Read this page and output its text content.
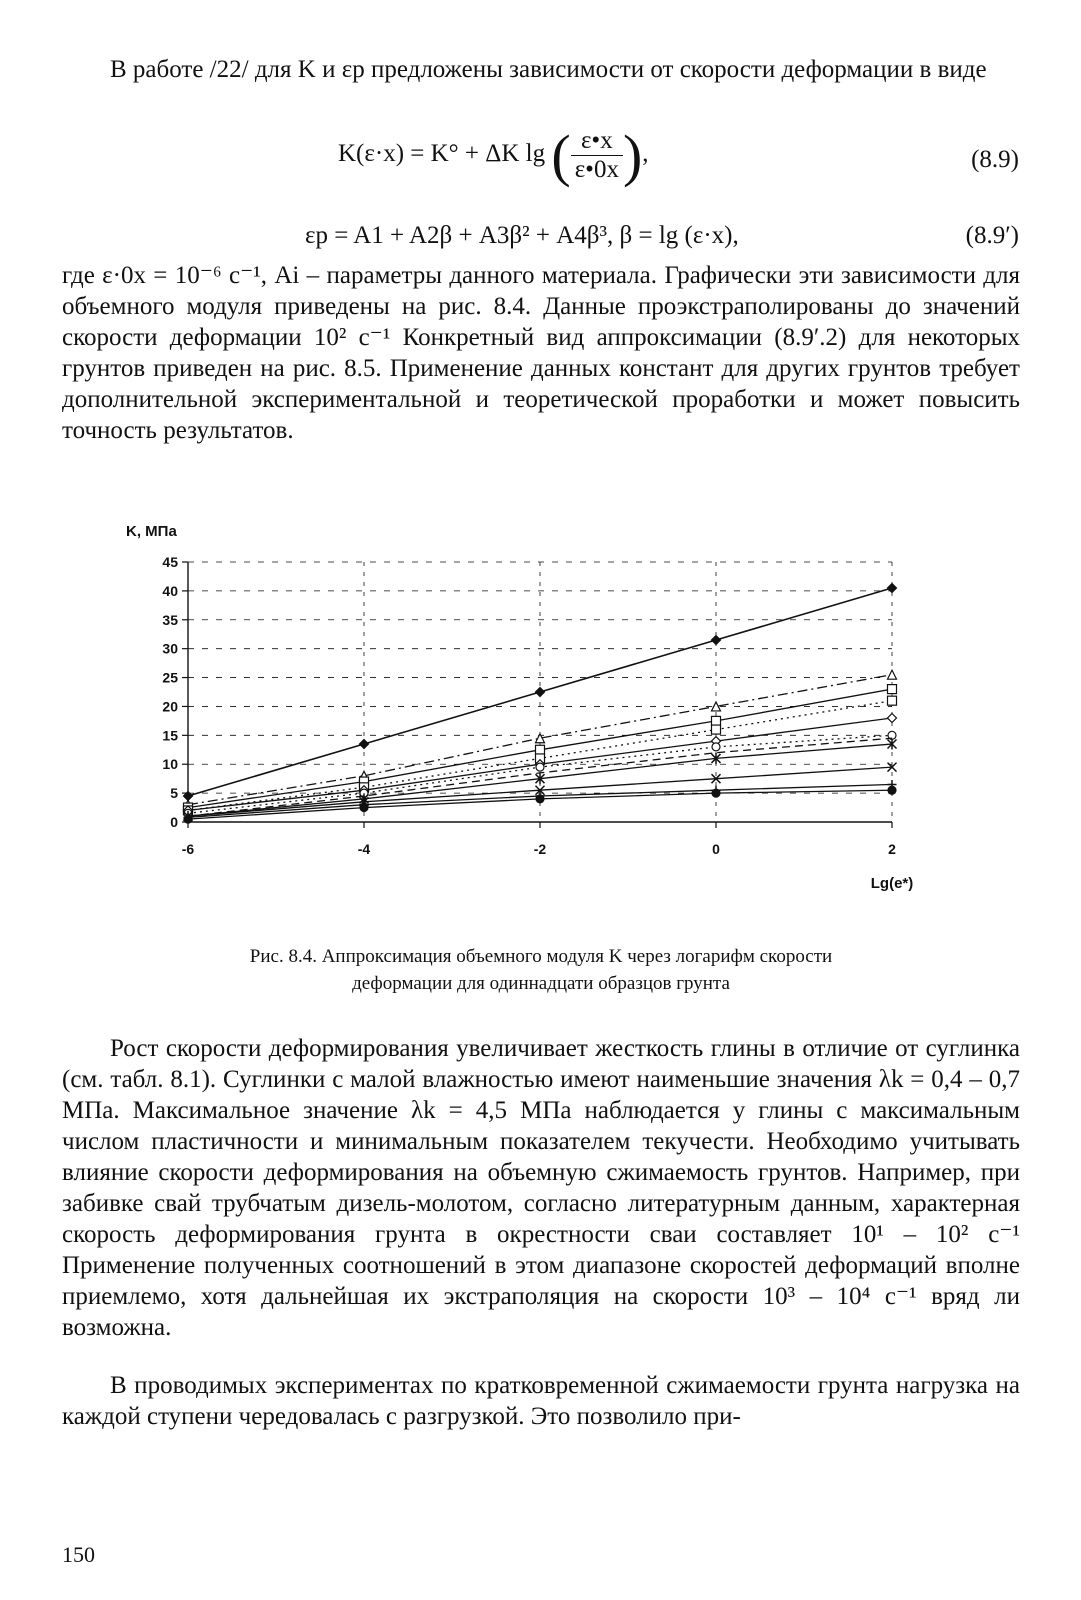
В работе /22/ для K и εp предложены зависимости от скорости деформации в виде
K(ε·x) = K° + ΔK lg ( $\frac{\varepsilon•x}{\varepsilon•0x}$ ),	(8.9)
εp = A1 + A2β + A3β² + A4β³, β = lg (ε·x),	(8.9′)
где ε·0x = 10⁻⁶ с⁻¹, Ai – параметры данного материала. Графически эти зависимости для объемного модуля приведены на рис. 8.4. Данные проэкстраполированы до значений скорости деформации 10² с⁻¹ Конкретный вид аппроксимации (8.9′.2) для некоторых грунтов приведен на рис. 8.5. Применение данных констант для других грунтов требует дополнительной экспериментальной и теоретической проработки и может повысить точность результатов.
K, МПа
0
5
10
15
20
25
30
35
40
45
-6	-4	-2	0	2
Lg(e*)
Рис. 8.4. Аппроксимация объемного модуля K через логарифм скорости
деформации для одиннадцати образцов грунта
Рост скорости деформирования увеличивает жесткость глины в отличие от суглинка (см. табл. 8.1). Суглинки с малой влажностью имеют наименьшие значения λk = 0,4 – 0,7 МПа. Максимальное значение λk = 4,5 МПа наблюдается у глины с максимальным числом пластичности и минимальным показателем текучести. Необходимо учитывать влияние скорости деформирования на объемную сжимаемость грунтов. Например, при забивке свай трубчатым дизель-молотом, согласно литературным данным, характерная скорость деформирования грунта в окрестности сваи составляет 10¹ – 10² с⁻¹ Применение полученных соотношений в этом диапазоне скоростей деформаций вполне приемлемо, хотя дальнейшая их экстраполяция на скорости 10³ – 10⁴ с⁻¹ вряд ли возможна.
В проводимых экспериментах по кратковременной сжимаемости грунта нагрузка на каждой ступени чередовалась с разгрузкой. Это позволило при-
150
